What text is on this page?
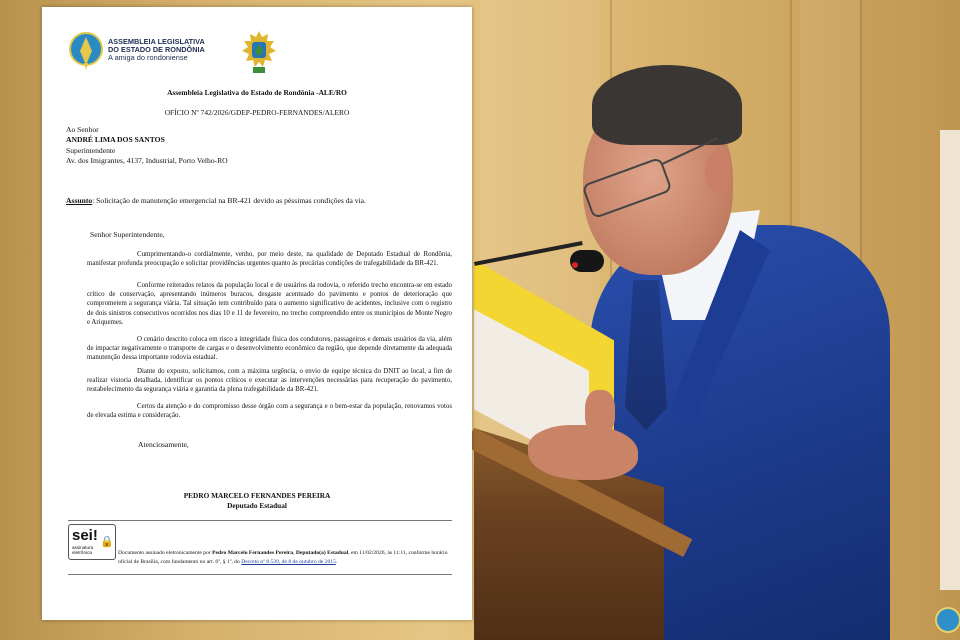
ASSEMBLEIA LEGISLATIVA
DO ESTADO DE RONDÔNIA
A amiga do rondoniense
Assembleia Legislativa do Estado de Rondônia -ALE/RO
OFÍCIO Nº 742/2026/GDEP-PEDRO-FERNANDES/ALERO
Ao Senhor
ANDRÉ LIMA DOS SANTOS
Superintendente
Av. dos Imigrantes, 4137, Industrial, Porto Velho-RO
Assunto: Solicitação de manutenção emergencial na BR-421 devido as péssimas condições da via.
Senhor Superintendente,
Cumprimentando-o cordialmente, venho, por meio deste, na qualidade de Deputado Estadual de Rondônia, manifestar profunda preocupação e solicitar providências urgentes quanto às precárias condições de trafegabilidade da BR-421.
Conforme reiterados relatos da população local e de usuários da rodovia, o referido trecho encontra-se em estado crítico de conservação, apresentando inúmeros buracos, desgaste acentuado do pavimento e pontos de deterioração que comprometem a segurança viária. Tal situação tem contribuído para o aumento significativo de acidentes, inclusive com o registro de dois sinistros consecutivos ocorridos nos dias 10 e 11 de fevereiro, no trecho compreendido entre os municípios de Monte Negro e Ariquemes.
O cenário descrito coloca em risco a integridade física dos condutores, passageiros e demais usuários da via, além de impactar negativamente o transporte de cargas e o desenvolvimento econômico da região, que depende diretamente da adequada manutenção dessa importante rodovia estadual.
Diante do exposto, solicitamos, com a máxima urgência, o envio de equipe técnica do DNIT ao local, a fim de realizar vistoria detalhada, identificar os pontos críticos e executar as intervenções necessárias para recuperação do pavimento, restabelecimento da segurança viária e garantia da plena trafegabilidade da BR-421.
Certos da atenção e do compromisso desse órgão com a segurança e o bem-estar da população, renovamos votos de elevada estima e consideração.
Atenciosamente,
PEDRO MARCELO FERNANDES PEREIRA
Deputado Estadual
sei!
assinatura
eletrônica
🔒
Documento assinado eletronicamente por Pedro Marcelo Fernandes Pereira, Deputado(a) Estadual, em 11/02/2026, às 11:11, conforme horário oficial de Brasília, com fundamento no art. 6º, § 1º, do Decreto nº 8.539, de 8 de outubro de 2015.
